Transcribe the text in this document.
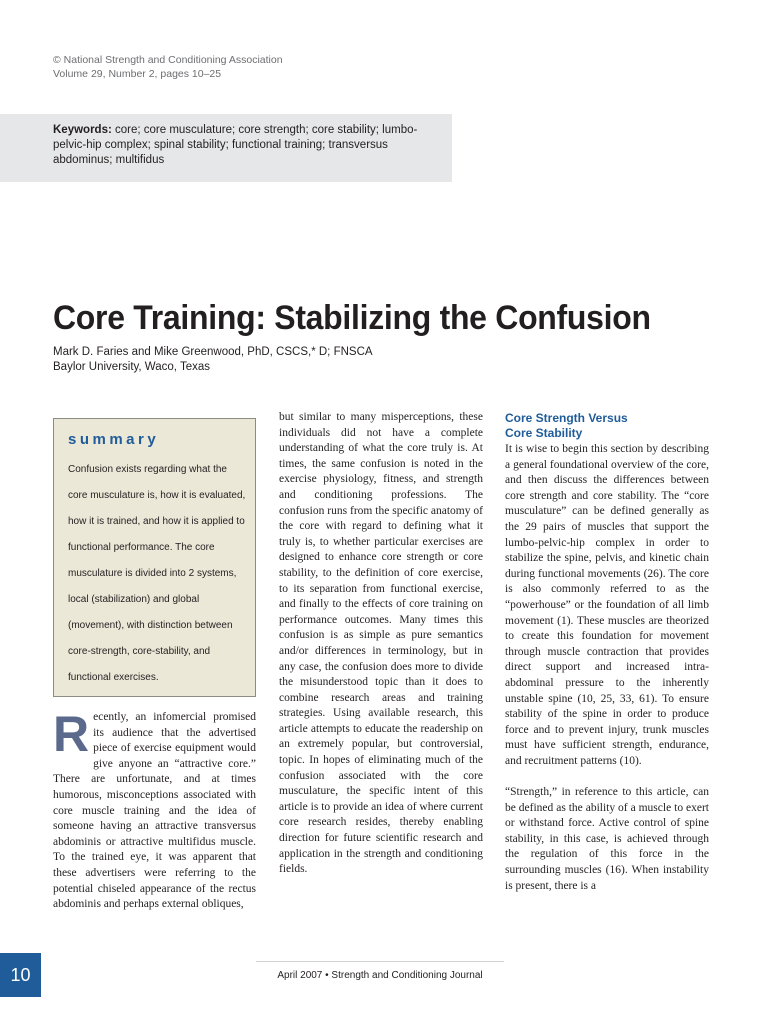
© National Strength and Conditioning Association
Volume 29, Number 2, pages 10–25
Keywords: core; core musculature; core strength; core stability; lumbo-pelvic-hip complex; spinal stability; functional training; transversus abdominus; multifidus
Core Training: Stabilizing the Confusion
Mark D. Faries and Mike Greenwood, PhD, CSCS,* D; FNSCA
Baylor University, Waco, Texas
summary
Confusion exists regarding what the core musculature is, how it is evaluated, how it is trained, and how it is applied to functional performance. The core musculature is divided into 2 systems, local (stabilization) and global (movement), with distinction between core-strength, core-stability, and functional exercises.
R ecently, an infomercial promised its audience that the advertised piece of exercise equipment would give anyone an “attractive core.” There are unfortunate, and at times humorous, misconceptions associated with core muscle training and the idea of someone having an attractive transversus abdominis or attractive multifidus muscle. To the trained eye, it was apparent that these advertisers were referring to the potential chiseled appearance of the rectus abdominis and perhaps external obliques,

but similar to many misperceptions, these individuals did not have a complete understanding of what the core truly is. At times, the same confusion is noted in the exercise physiology, fitness, and strength and conditioning professions. The confusion runs from the specific anatomy of the core with regard to defining what it truly is, to whether particular exercises are designed to enhance core strength or core stability, to the definition of core exercise, to its separation from functional exercise, and finally to the effects of core training on performance outcomes. Many times this confusion is as simple as pure semantics and/or differences in terminology, but in any case, the confusion does more to divide the misunderstood topic than it does to combine research areas and training strategies. Using available research, this article attempts to educate the readership on an extremely popular, but controversial, topic. In hopes of eliminating much of the confusion associated with the core musculature, the specific intent of this article is to provide an idea of where current core research resides, thereby enabling direction for future scientific research and application in the strength and conditioning fields.

Core Strength Versus
Core Stability

It is wise to begin this section by describing a general foundational overview of the core, and then discuss the differences between core strength and core stability. The “core musculature” can be defined generally as the 29 pairs of muscles that support the lumbo-pelvic-hip complex in order to stabilize the spine, pelvis, and kinetic chain during functional movements (26). The core is also commonly referred to as the “powerhouse” or the foundation of all limb movement (1). These muscles are theorized to create this foundation for movement through muscle contraction that provides direct support and increased intra-abdominal pressure to the inherently unstable spine (10, 25, 33, 61). To ensure stability of the spine in order to produce force and to prevent injury, trunk muscles must have sufficient strength, endurance, and recruitment patterns (10).

“Strength,” in reference to this article, can be defined as the ability of a muscle to exert or withstand force. Active control of spine stability, in this case, is achieved through the regulation of this force in the surrounding muscles (16). When instability is present, there is a

10	April 2007 • Strength and Conditioning Journal
